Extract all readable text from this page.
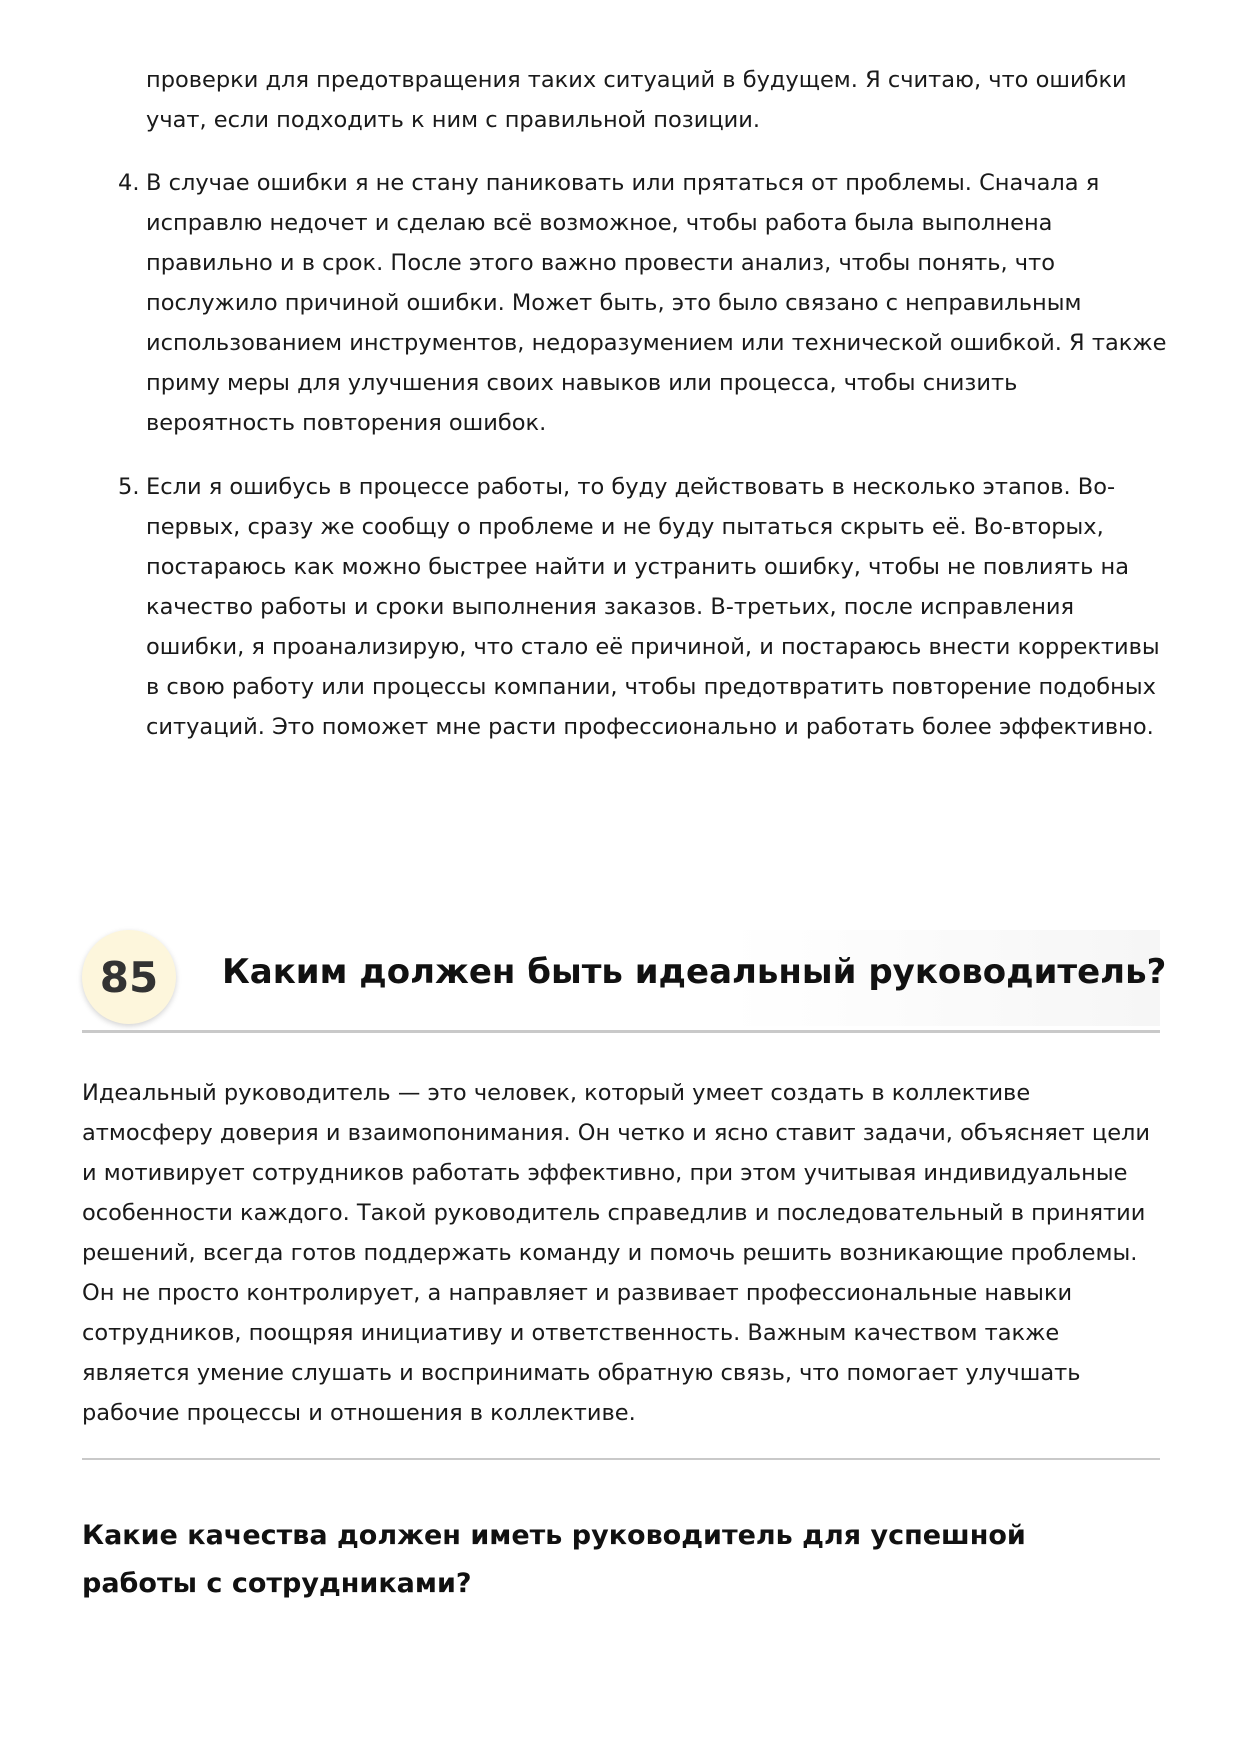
проверки для предотвращения таких ситуаций в будущем. Я считаю, что ошибки учат, если подходить к ним с правильной позиции.

4. В случае ошибки я не стану паниковать или прятаться от проблемы. Сначала я исправлю недочет и сделаю всё возможное, чтобы работа была выполнена правильно и в срок. После этого важно провести анализ, чтобы понять, что послужило причиной ошибки. Может быть, это было связано с неправильным использованием инструментов, недоразумением или технической ошибкой. Я также приму меры для улучшения своих навыков или процесса, чтобы снизить вероятность повторения ошибок.
5. Если я ошибусь в процессе работы, то буду действовать в несколько этапов. Во-первых, сразу же сообщу о проблеме и не буду пытаться скрыть её. Во-вторых, постараюсь как можно быстрее найти и устранить ошибку, чтобы не повлиять на качество работы и сроки выполнения заказов. В-третьих, после исправления ошибки, я проанализирую, что стало её причиной, и постараюсь внести коррективы в свою работу или процессы компании, чтобы предотвратить повторение подобных ситуаций. Это поможет мне расти профессионально и работать более эффективно.
85	Каким должен быть идеальный руководитель?

Идеальный руководитель — это человек, который умеет создать в коллективе атмосферу доверия и взаимопонимания. Он четко и ясно ставит задачи, объясняет цели и мотивирует сотрудников работать эффективно, при этом учитывая индивидуальные особенности каждого. Такой руководитель справедлив и последовательный в принятии решений, всегда готов поддержать команду и помочь решить возникающие проблемы. Он не просто контролирует, а направляет и развивает профессиональные навыки сотрудников, поощряя инициативу и ответственность. Важным качеством также является умение слушать и воспринимать обратную связь, что помогает улучшать рабочие процессы и отношения в коллективе.

Какие качества должен иметь руководитель для успешной работы с сотрудниками?
